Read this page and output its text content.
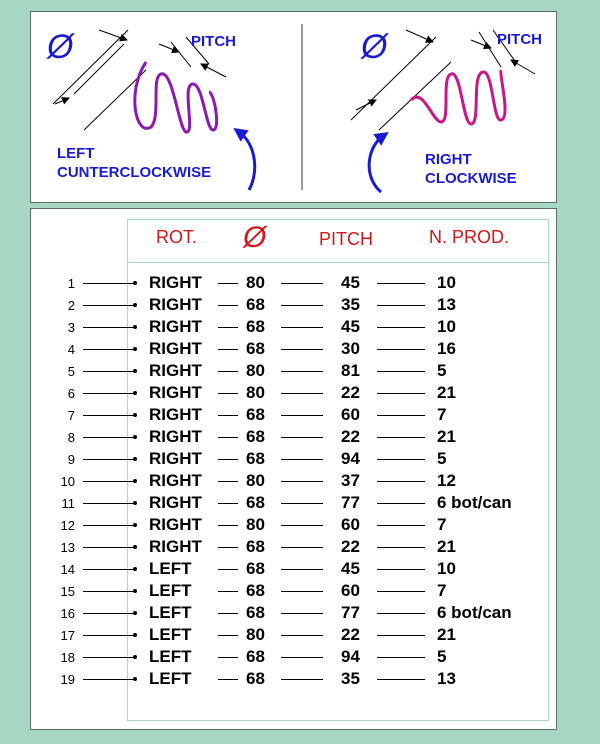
Ø	PITCH
LEFT
CUNTERCLOCKWISE
Ø	PITCH
RIGHT
CLOCKWISE
ROT. Ø	PITCH	N. PROD.
1	RIGHT	80	45	10
2	RIGHT	68	35	13
3	RIGHT	68	45	10
4	RIGHT	68	30	16
5	RIGHT	80	81	5
6	RIGHT	80	22	21
7	RIGHT	68	60	7
8	RIGHT	68	22	21
9	RIGHT	68	94	5
10	RIGHT	80	37	12
11	RIGHT	68	77	6 bot/can
12	RIGHT	80	60	7
13	RIGHT	68	22	21
14	LEFT	68	45	10
15	LEFT	68	60	7
16	LEFT	68	77	6 bot/can
17	LEFT	80	22	21
18	LEFT	68	94	5
19	LEFT	68	35	13
